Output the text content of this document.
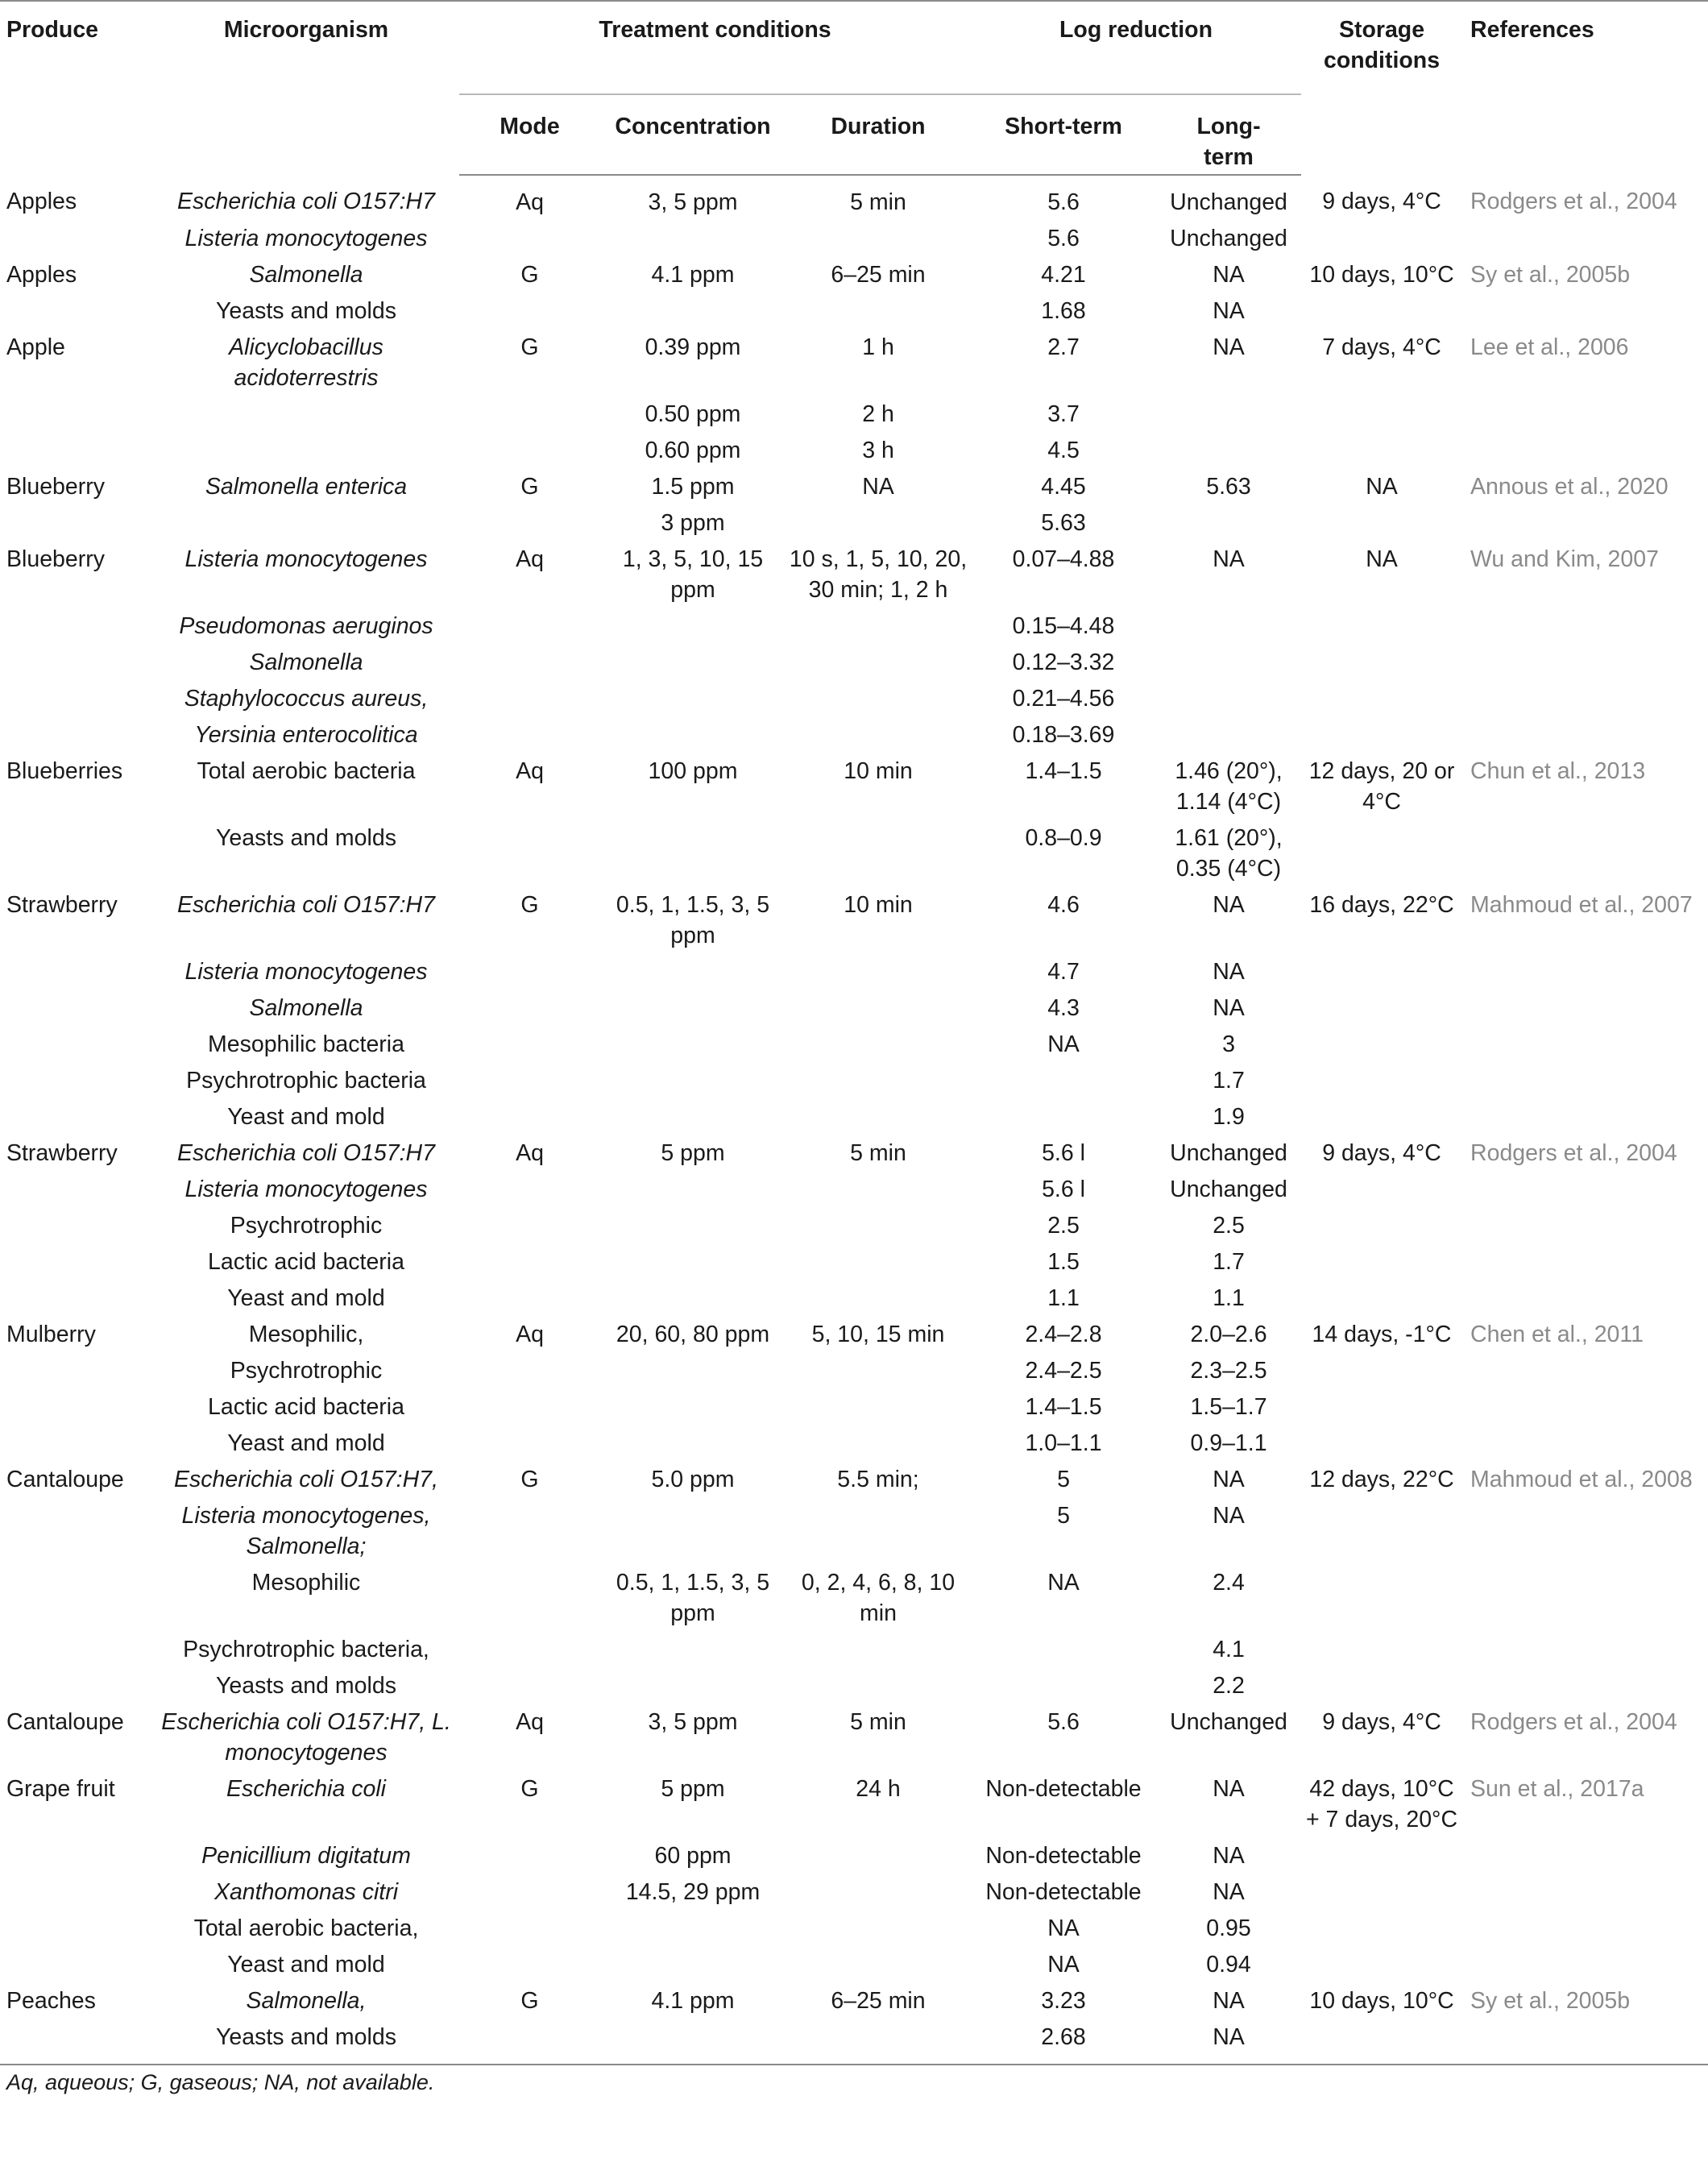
Produce	Microorganism	Treatment conditions			Log reduction		Storage conditions	References
		Mode	Concentration	Duration	Short-term	Long-term		
Apples	Escherichia coli O157:H7	Aq	3, 5 ppm	5 min	5.6	Unchanged	9 days, 4°C	Rodgers et al., 2004
	Listeria monocytogenes				5.6	Unchanged		
Apples	Salmonella	G	4.1 ppm	6–25 min	4.21	NA	10 days, 10°C	Sy et al., 2005b
	Yeasts and molds				1.68	NA		
Apple	Alicyclobacillus acidoterrestris	G	0.39 ppm	1 h	2.7	NA	7 days, 4°C	Lee et al., 2006
			0.50 ppm	2 h	3.7			
			0.60 ppm	3 h	4.5			
Blueberry	Salmonella enterica	G	1.5 ppm	NA	4.45	5.63	NA	Annous et al., 2020
			3 ppm		5.63			
Blueberry	Listeria monocytogenes	Aq	1, 3, 5, 10, 15 ppm	10 s, 1, 5, 10, 20, 30 min; 1, 2 h	0.07–4.88	NA	NA	Wu and Kim, 2007
	Pseudomonas aeruginos				0.15–4.48			
	Salmonella				0.12–3.32			
	Staphylococcus aureus,				0.21–4.56			
	Yersinia enterocolitica				0.18–3.69			
Blueberries	Total aerobic bacteria	Aq	100 ppm	10 min	1.4–1.5	1.46 (20°), 1.14 (4°C)	12 days, 20 or 4°C	Chun et al., 2013
	Yeasts and molds				0.8–0.9	1.61 (20°), 0.35 (4°C)		
Strawberry	Escherichia coli O157:H7	G	0.5, 1, 1.5, 3, 5 ppm	10 min	4.6	NA	16 days, 22°C	Mahmoud et al., 2007
	Listeria monocytogenes				4.7	NA		
	Salmonella				4.3	NA		
	Mesophilic bacteria				NA	3		
	Psychrotrophic bacteria					1.7		
	Yeast and mold					1.9		
Strawberry	Escherichia coli O157:H7	Aq	5 ppm	5 min	5.6 l	Unchanged	9 days, 4°C	Rodgers et al., 2004
	Listeria monocytogenes				5.6 l	Unchanged		
	Psychrotrophic				2.5	2.5		
	Lactic acid bacteria				1.5	1.7		
	Yeast and mold				1.1	1.1		
Mulberry	Mesophilic,	Aq	20, 60, 80 ppm	5, 10, 15 min	2.4–2.8	2.0–2.6	14 days, -1°C	Chen et al., 2011
	Psychrotrophic				2.4–2.5	2.3–2.5		
	Lactic acid bacteria				1.4–1.5	1.5–1.7		
	Yeast and mold				1.0–1.1	0.9–1.1		
Cantaloupe	Escherichia coli O157:H7,	G	5.0 ppm	5.5 min;	5	NA	12 days, 22°C	Mahmoud et al., 2008
	Listeria monocytogenes, Salmonella;				5	NA		
	Mesophilic		0.5, 1, 1.5, 3, 5 ppm	0, 2, 4, 6, 8, 10 min	NA	2.4		
	Psychrotrophic bacteria,					4.1		
	Yeasts and molds					2.2		
Cantaloupe	Escherichia coli O157:H7, L. monocytogenes	Aq	3, 5 ppm	5 min	5.6	Unchanged	9 days, 4°C	Rodgers et al., 2004
Grape fruit	Escherichia coli	G	5 ppm	24 h	Non-detectable	NA	42 days, 10°C + 7 days, 20°C	Sun et al., 2017a
	Penicillium digitatum		60 ppm		Non-detectable	NA		
	Xanthomonas citri		14.5, 29 ppm		Non-detectable	NA		
	Total aerobic bacteria,				NA	0.95		
	Yeast and mold				NA	0.94		
Peaches	Salmonella,	G	4.1 ppm	6–25 min	3.23	NA	10 days, 10°C	Sy et al., 2005b
	Yeasts and molds				2.68	NA		
Aq, aqueous; G, gaseous; NA, not available.
